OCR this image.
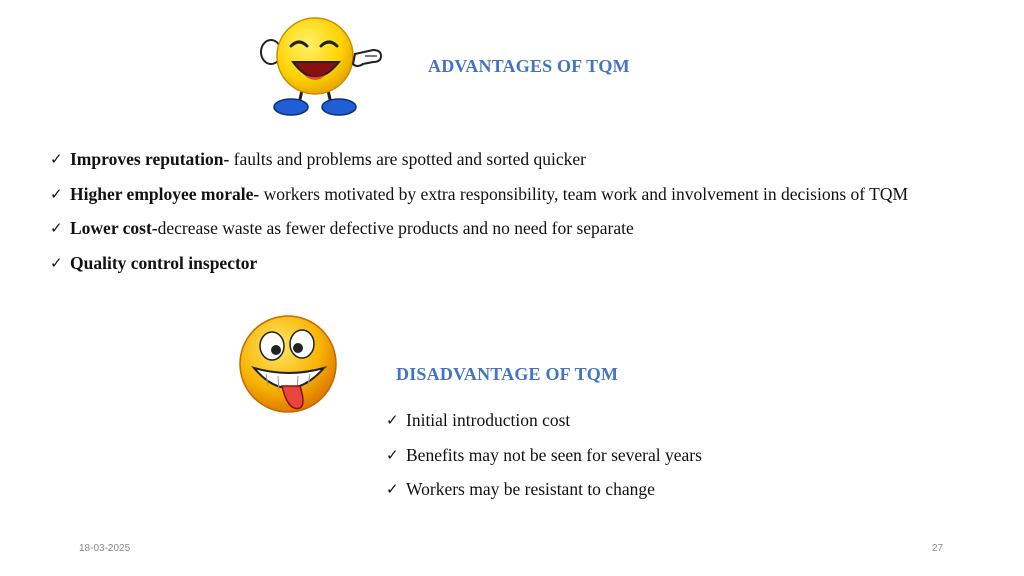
ADVANTAGES OF TQM
✓ Improves reputation- faults and problems are spotted and sorted quicker
✓ Higher employee morale- workers motivated by extra responsibility, team work and involvement in decisions of TQM
✓ Lower cost- decrease waste as fewer defective products and no need for separate
✓ Quality control inspector
DISADVANTAGE OF TQM
✓ Initial introduction cost
✓ Benefits may not be seen for several years
✓ Workers may be resistant to change
18-03-2025	27
